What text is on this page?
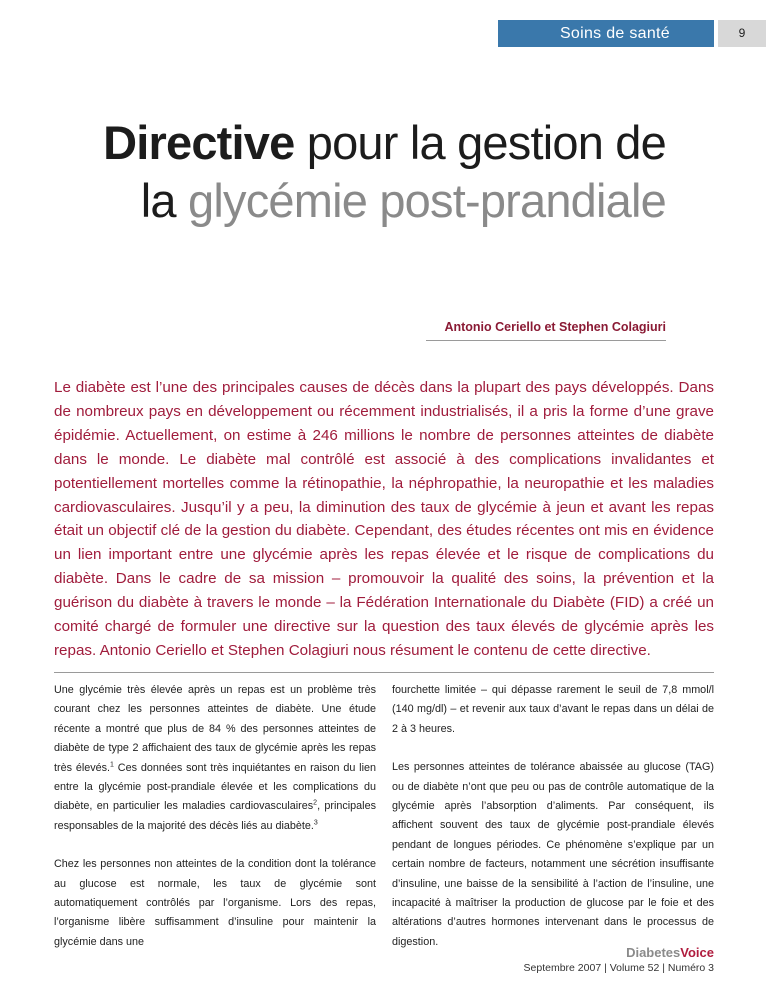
Soins de santé	9
Directive pour la gestion de la glycémie post-prandiale
Antonio Ceriello et Stephen Colagiuri
Le diabète est l’une des principales causes de décès dans la plupart des pays développés. Dans de nombreux pays en développement ou récemment industrialisés, il a pris la forme d’une grave épidémie. Actuellement, on estime à 246 millions le nombre de personnes atteintes de diabète dans le monde. Le diabète mal contrôlé est associé à des complications invalidantes et potentiellement mortelles comme la rétinopathie, la néphropathie, la neuropathie et les maladies cardiovasculaires. Jusqu’il y a peu, la diminution des taux de glycémie à jeun et avant les repas était un objectif clé de la gestion du diabète. Cependant, des études récentes ont mis en évidence un lien important entre une glycémie après les repas élevée et le risque de complications du diabète. Dans le cadre de sa mission – promouvoir la qualité des soins, la prévention et la guérison du diabète à travers le monde – la Fédération Internationale du Diabète (FID) a créé un comité chargé de formuler une directive sur la question des taux élevés de glycémie après les repas. Antonio Ceriello et Stephen Colagiuri nous résument le contenu de cette directive.

Une glycémie très élevée après un repas est un problème très courant chez les personnes atteintes de diabète. Une étude récente a montré que plus de 84 % des personnes atteintes de diabète de type 2 affichaient des taux de glycémie après les repas très élevés.$^1$ Ces données sont très inquiétantes en raison du lien entre la glycémie post-prandiale élevée et les complications du diabète, en particulier les maladies cardiovasculaires$^2$, principales responsables de la majorité des décès liés au diabète.$^3$

Chez les personnes non atteintes de la condition dont la tolérance au glucose est normale, les taux de glycémie sont automatiquement contrôlés par l’organisme. Lors des repas, l’organisme libère suffisamment d’insuline pour maintenir la glycémie dans une

fourchette limitée – qui dépasse rarement le seuil de 7,8 mmol/l (140 mg/dl) – et revenir aux taux d’avant le repas dans un délai de 2 à 3 heures.

Les personnes atteintes de tolérance abaissée au glucose (TAG) ou de diabète n’ont que peu ou pas de contrôle automatique de la glycémie après l’absorption d’aliments. Par conséquent, ils affichent souvent des taux de glycémie post-prandiale élevés pendant de longues périodes. Ce phénomène s’explique par un certain nombre de facteurs, notamment une sécrétion insuffisante d’insuline, une baisse de la sensibilité à l’action de l’insuline, une incapacité à maîtriser la production de glucose par le foie et des altérations d’autres hormones intervenant dans le processus de digestion.

DiabetesVoice
Septembre 2007 | Volume 52 | Numéro 3
